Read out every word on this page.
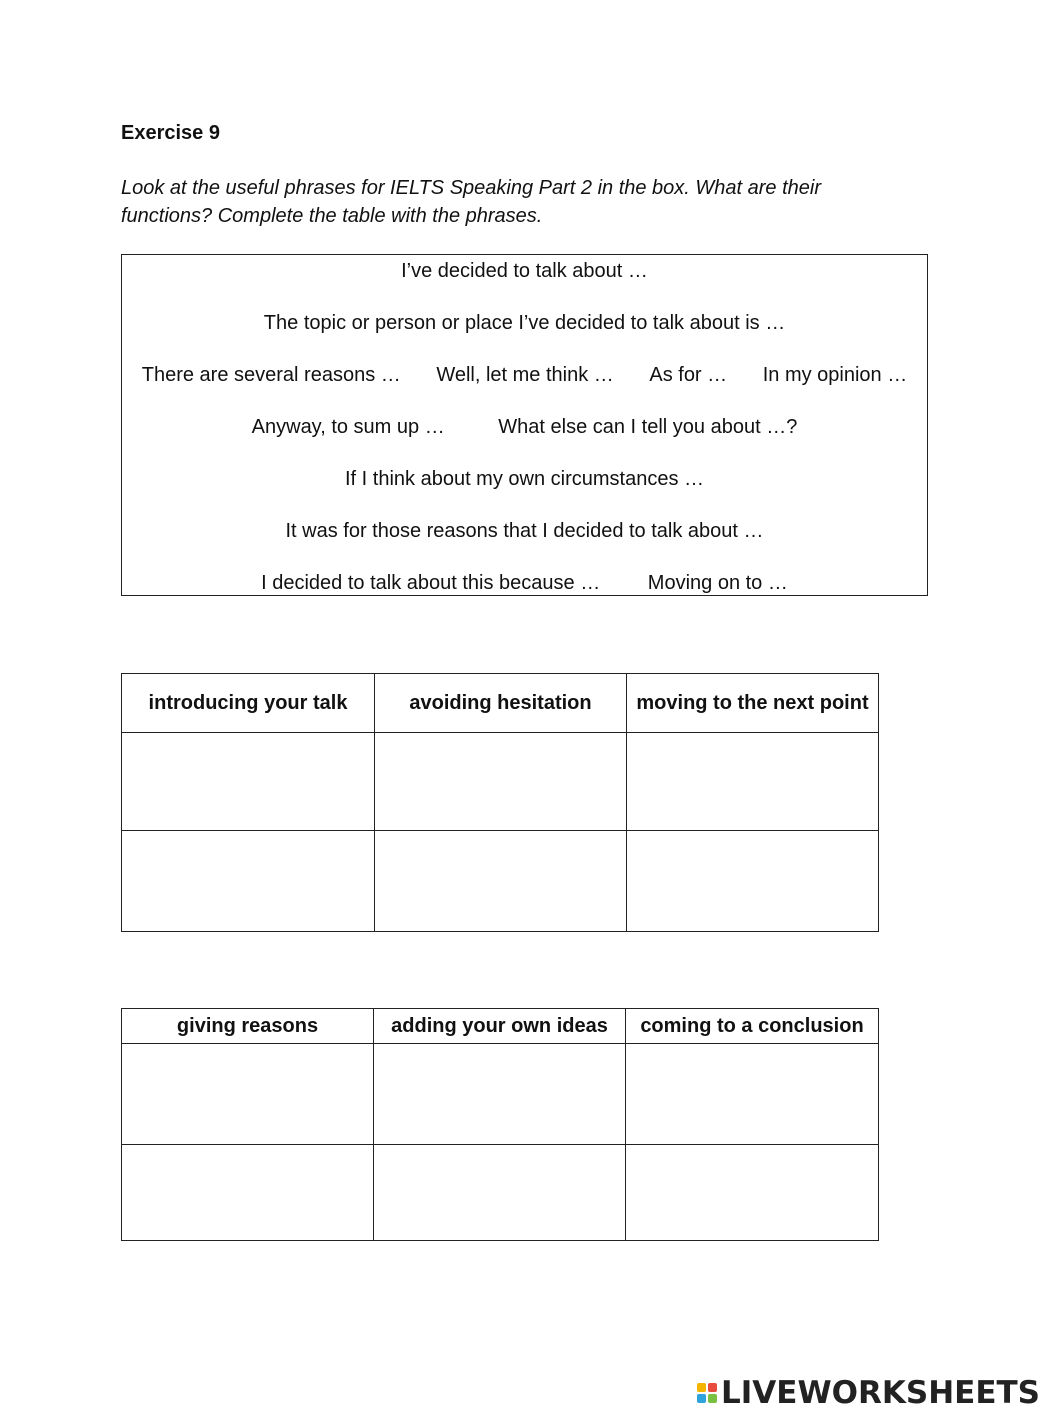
Exercise 9
Look at the useful phrases for IELTS Speaking Part 2 in the box. What are their functions? Complete the table with the phrases.
I’ve decided to talk about …
The topic or person or place I’ve decided to talk about is …
There are several reasons … Well, let me think … As for … In my opinion …
Anyway, to sum up …	What else can I tell you about …?
If I think about my own circumstances …
It was for those reasons that I decided to talk about …
I decided to talk about this because … Moving on to …
introducing your talk	avoiding hesitation	moving to the next point

giving reasons	adding your own ideas	coming to a conclusion

LIVEWORKSHEETS
